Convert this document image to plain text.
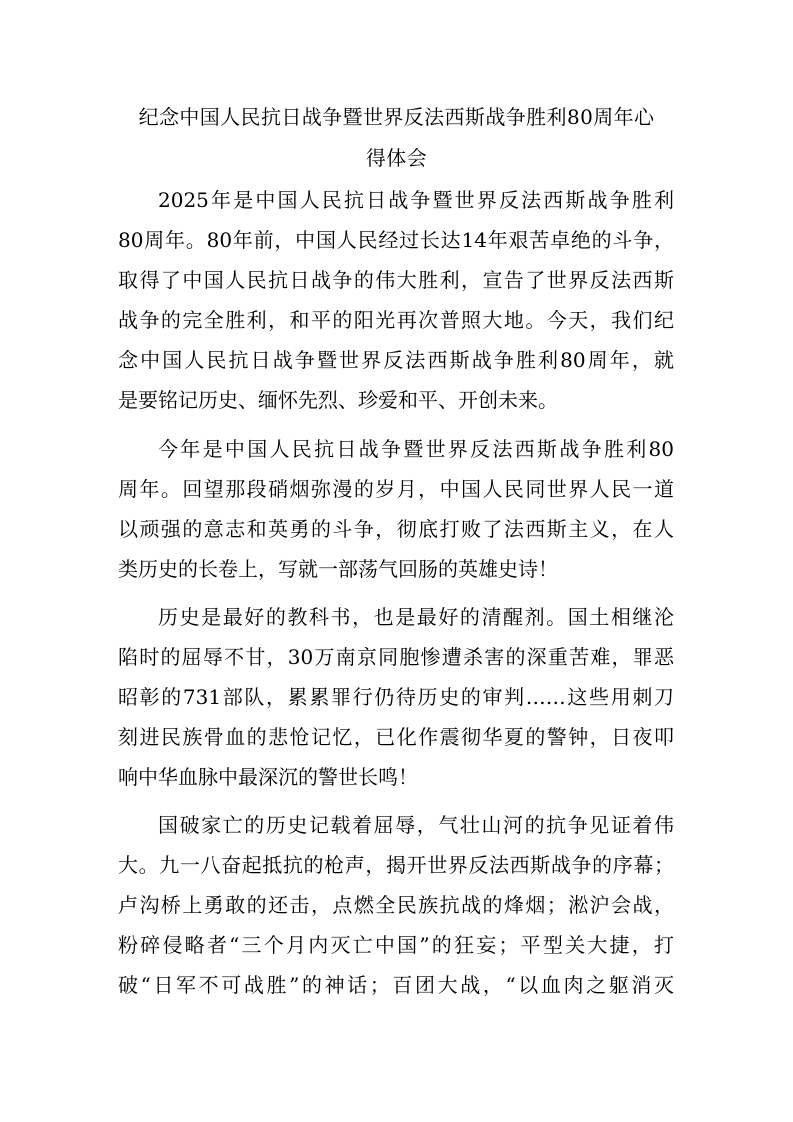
纪念中国人民抗日战争暨世界反法西斯战争胜利80周年心
得体会
2025年是中国人民抗日战争暨世界反法西斯战争胜利
80周年。80年前，中国人民经过长达14年艰苦卓绝的斗争，
取得了中国人民抗日战争的伟大胜利，宣告了世界反法西斯
战争的完全胜利，和平的阳光再次普照大地。今天，我们纪
念中国人民抗日战争暨世界反法西斯战争胜利80周年，就
是要铭记历史、缅怀先烈、珍爱和平、开创未来。
今年是中国人民抗日战争暨世界反法西斯战争胜利80
周年。回望那段硝烟弥漫的岁月，中国人民同世界人民一道
以顽强的意志和英勇的斗争，彻底打败了法西斯主义，在人
类历史的长卷上，写就一部荡气回肠的英雄史诗！
历史是最好的教科书，也是最好的清醒剂。国土相继沦
陷时的屈辱不甘，30万南京同胞惨遭杀害的深重苦难，罪恶
昭彰的731部队，累累罪行仍待历史的审判……这些用刺刀
刻进民族骨血的悲怆记忆，已化作震彻华夏的警钟，日夜叩
响中华血脉中最深沉的警世长鸣！
国破家亡的历史记载着屈辱，气壮山河的抗争见证着伟
大。九一八奋起抵抗的枪声，揭开世界反法西斯战争的序幕；
卢沟桥上勇敢的还击，点燃全民族抗战的烽烟；淞沪会战，
粉碎侵略者“三个月内灭亡中国”的狂妄；平型关大捷，打
破“日军不可战胜”的神话；百团大战，“以血肉之躯消灭
